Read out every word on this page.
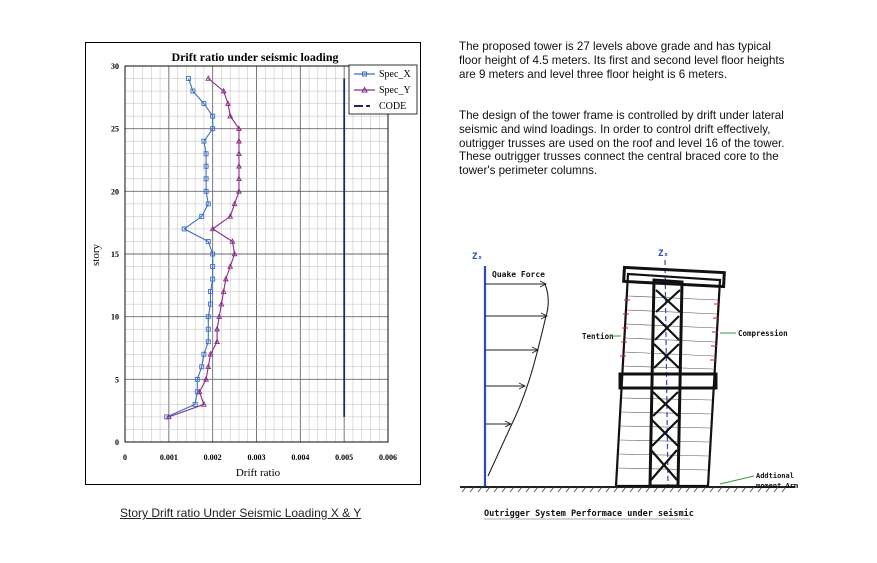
Drift ratio under seismic loading
0	0.001	0.002	0.003	0.004	0.005	0.006
0
5
10
15
20
25
30
Drift ratio
story
Spec_X
Spec_Y
CODE
Story Drift ratio Under Seismic Loading X & Y

The proposed tower is 27 levels above grade and has typical floor height of 4.5 meters. Its first and second level floor heights are 9 meters and level three floor height is 6 meters.

The design of the tower frame is controlled by drift under lateral seismic and wind loadings. In order to control drift effectively, outrigger trusses are used on the roof and level 16 of the tower. These outrigger trusses connect the central braced core to the tower's perimeter columns.

Zₓ
Quake Force
Zₓ
Tention	Compression
Addtional
moment Arm
Outrigger System Performace under seismic
